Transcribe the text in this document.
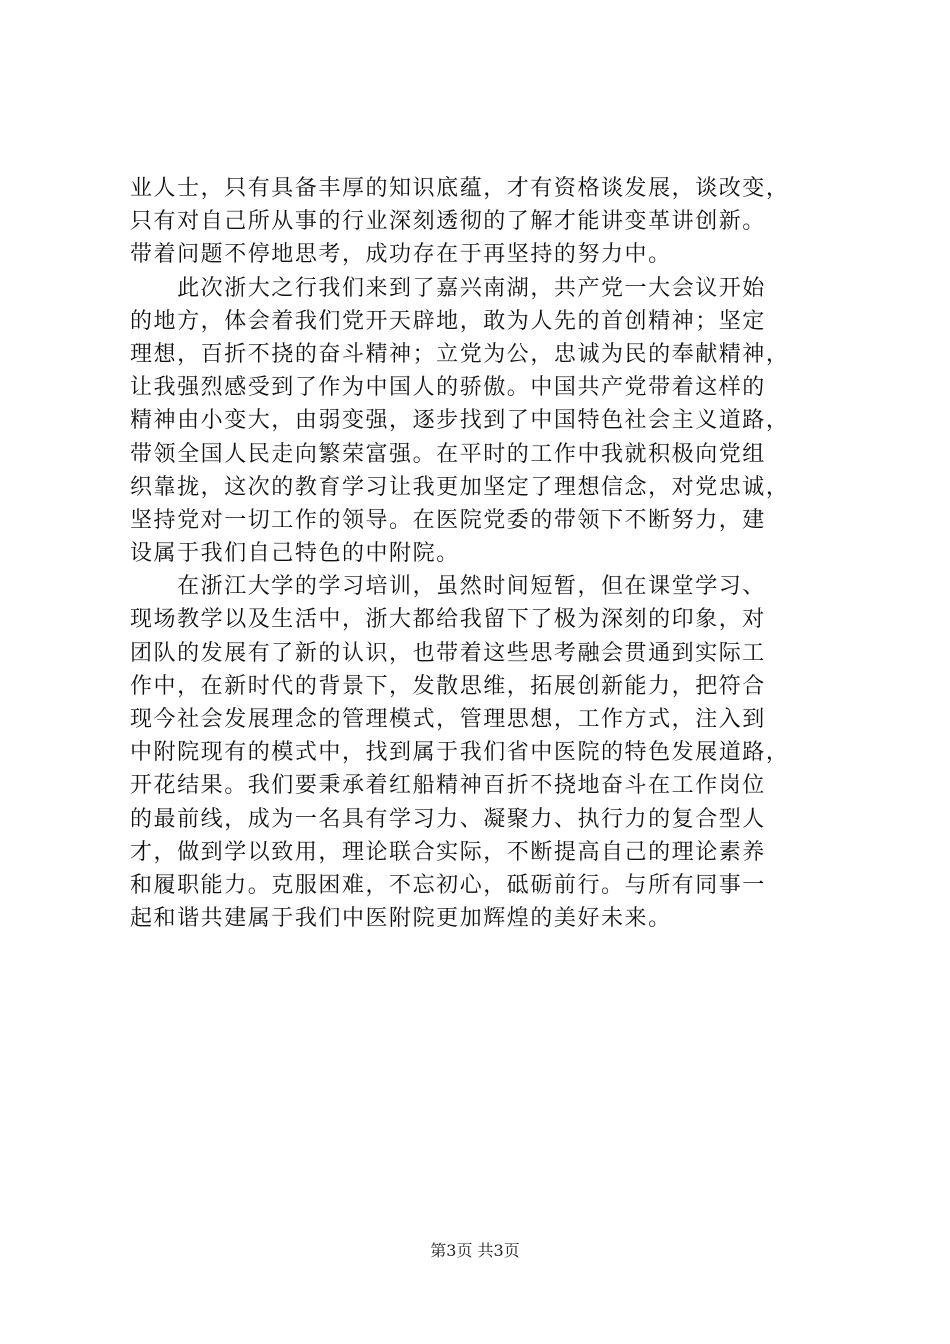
业人士，只有具备丰厚的知识底蕴，才有资格谈发展，谈改变，
只有对自己所从事的行业深刻透彻的了解才能讲变革讲创新。
带着问题不停地思考，成功存在于再坚持的努力中。
　　此次浙大之行我们来到了嘉兴南湖，共产党一大会议开始
的地方，体会着我们党开天辟地，敢为人先的首创精神；坚定
理想，百折不挠的奋斗精神；立党为公，忠诚为民的奉献精神，
让我强烈感受到了作为中国人的骄傲。中国共产党带着这样的
精神由小变大，由弱变强，逐步找到了中国特色社会主义道路，
带领全国人民走向繁荣富强。在平时的工作中我就积极向党组
织靠拢，这次的教育学习让我更加坚定了理想信念，对党忠诚，
坚持党对一切工作的领导。在医院党委的带领下不断努力，建
设属于我们自己特色的中附院。
　　在浙江大学的学习培训，虽然时间短暂，但在课堂学习、
现场教学以及生活中，浙大都给我留下了极为深刻的印象，对
团队的发展有了新的认识，也带着这些思考融会贯通到实际工
作中，在新时代的背景下，发散思维，拓展创新能力，把符合
现今社会发展理念的管理模式，管理思想，工作方式，注入到
中附院现有的模式中，找到属于我们省中医院的特色发展道路，
开花结果。我们要秉承着红船精神百折不挠地奋斗在工作岗位
的最前线，成为一名具有学习力、凝聚力、执行力的复合型人
才，做到学以致用，理论联合实际，不断提高自己的理论素养
和履职能力。克服困难，不忘初心，砥砺前行。与所有同事一
起和谐共建属于我们中医附院更加辉煌的美好未来。
第3页 共3页
